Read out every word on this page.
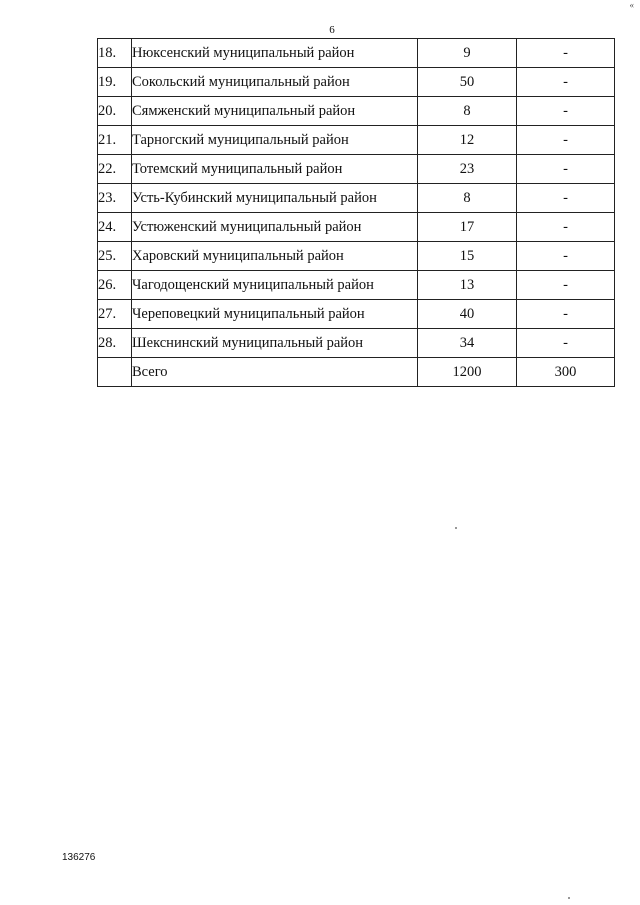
«
6
18.	Нюксенский муниципальный район	9	-
19.	Сокольский муниципальный район	50	-
20.	Сямженский муниципальный район	8	-
21.	Тарногский муниципальный район	12	-
22.	Тотемский муниципальный район	23	-
23.	Усть-Кубинский муниципальный район	8	-
24.	Устюженский муниципальный район	17	-
25.	Харовский муниципальный район	15	-
26.	Чагодощенский муниципальный район	13	-
27.	Череповецкий муниципальный район	40	-
28.	Шекснинский муниципальный район	34	-
	Всего	1200	300
136276
